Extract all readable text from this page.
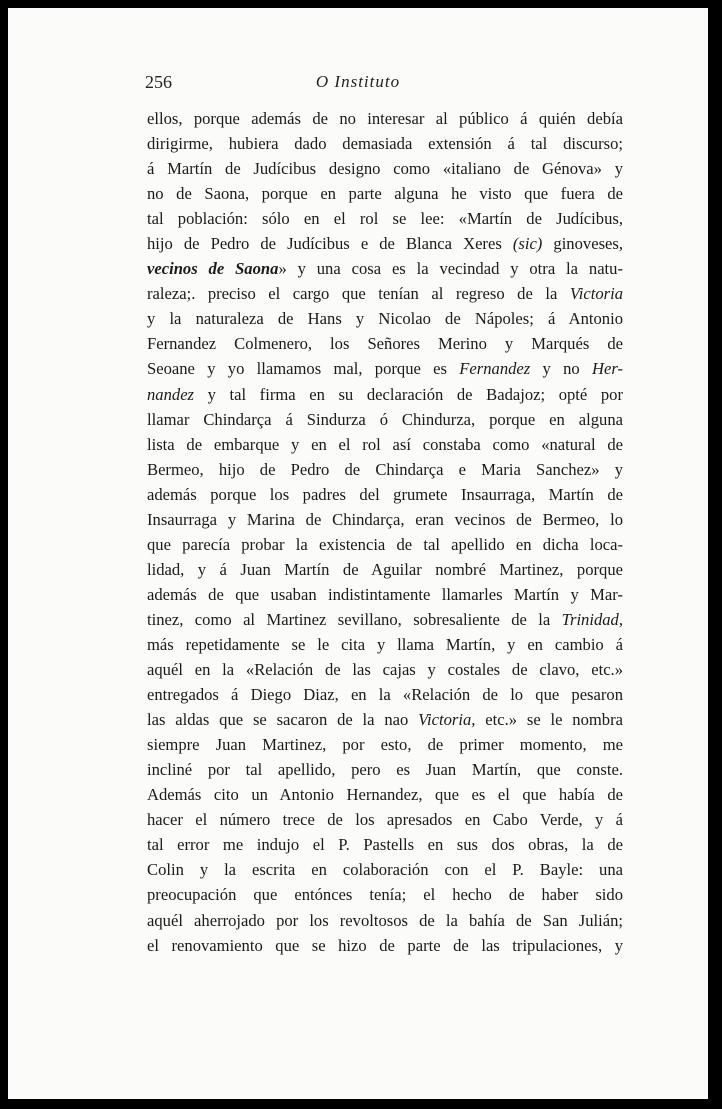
256	O Instituto
ellos, porque además de no interesar al público á quién debía
dirigirme, hubiera dado demasiada extensión á tal discurso;
á Martín de Judícibus designo como «italiano de Génova» y
no de Saona, porque en parte alguna he visto que fuera de
tal población: sólo en el rol se lee: «Martín de Judícibus,
hijo de Pedro de Judícibus e de Blanca Xeres (sic) ginoveses,
vecinos de Saona» y una cosa es la vecindad y otra la natu-
raleza;. preciso el cargo que tenían al regreso de la Victoria
y la naturaleza de Hans y Nicolao de Nápoles; á Antonio
Fernandez Colmenero, los Señores Merino y Marqués de
Seoane y yo llamamos mal, porque es Fernandez y no Her-
nandez y tal firma en su declaración de Badajoz; opté por
llamar Chindarça á Sindurza ó Chindurza, porque en alguna
lista de embarque y en el rol así constaba como «natural de
Bermeo, hijo de Pedro de Chindarça e Maria Sanchez» y
además porque los padres del grumete Insaurraga, Martín de
Insaurraga y Marina de Chindarça, eran vecinos de Bermeo, lo
que parecía probar la existencia de tal apellido en dicha loca-
lidad, y á Juan Martín de Aguilar nombré Martinez, porque
además de que usaban indistintamente llamarles Martín y Mar-
tinez, como al Martinez sevillano, sobresaliente de la Trinidad,
más repetidamente se le cita y llama Martín, y en cambio á
aquél en la «Relación de las cajas y costales de clavo, etc.»
entregados á Diego Diaz, en la «Relación de lo que pesaron
las aldas que se sacaron de la nao Victoria, etc.» se le nombra
siempre Juan Martinez, por esto, de primer momento, me
incliné por tal apellido, pero es Juan Martín, que conste.
Además cito un Antonio Hernandez, que es el que había de
hacer el número trece de los apresados en Cabo Verde, y á
tal error me indujo el P. Pastells en sus dos obras, la de
Colin y la escrita en colaboración con el P. Bayle: una
preocupación que entónces tenía; el hecho de haber sido
aquél aherrojado por los revoltosos de la bahía de San Julián;
el renovamiento que se hizo de parte de las tripulaciones, y
